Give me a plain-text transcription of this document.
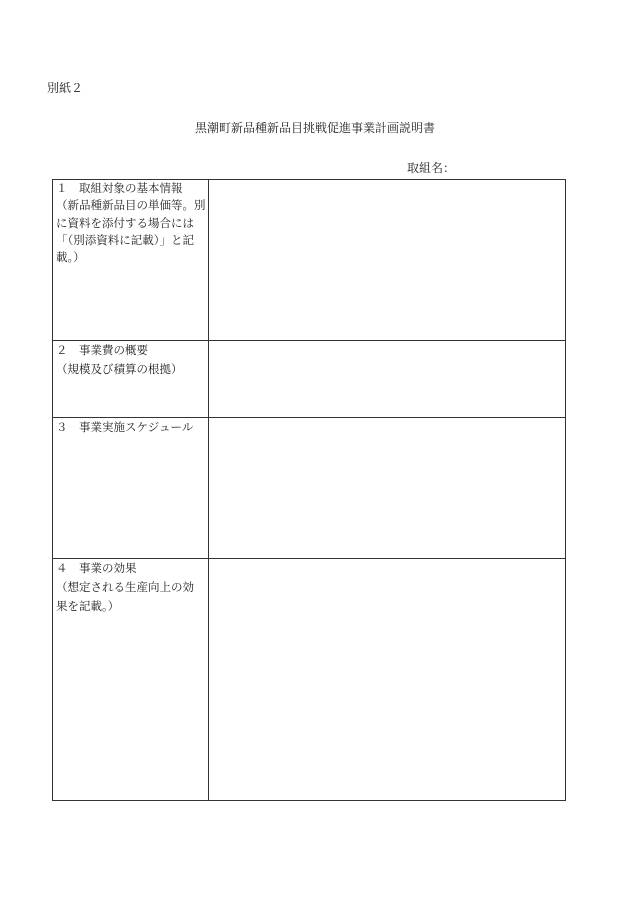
別紙２
黒潮町新品種新品目挑戦促進事業計画説明書
取組名：
１　取組対象の基本情報
（新品種新品目の単価等。別
に資料を添付する場合には
「（別添資料に記載）」と記
載。）
２　事業費の概要
（規模及び積算の根拠）
３　事業実施スケジュール
４　事業の効果
（想定される生産向上の効
果を記載。）
